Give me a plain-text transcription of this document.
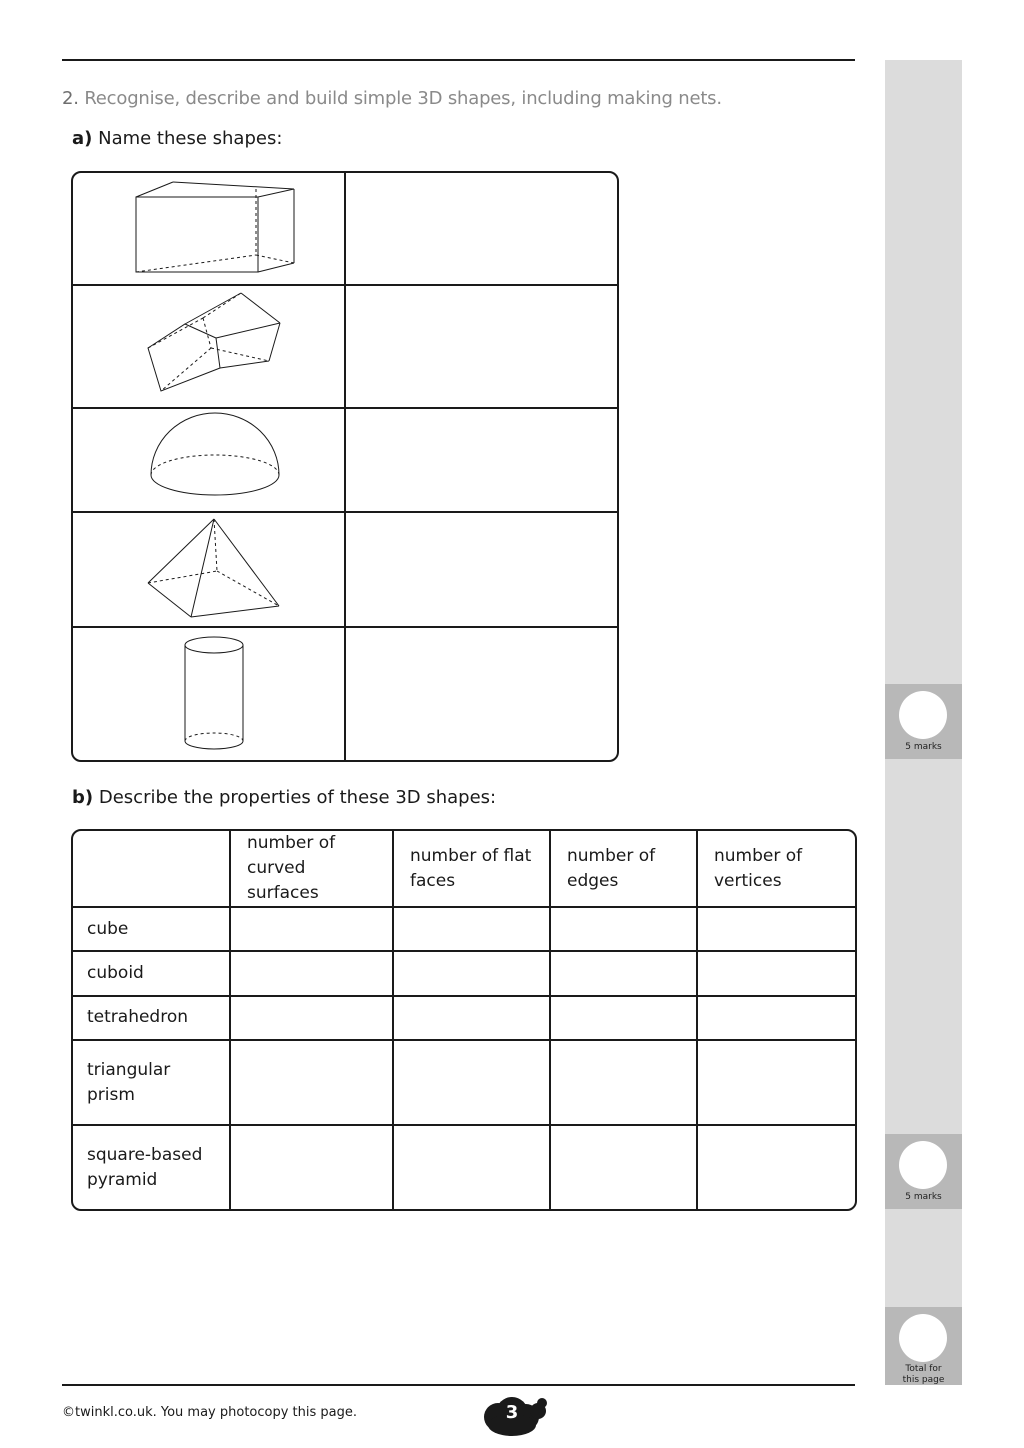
2. Recognise, describe and build simple 3D shapes, including making nets.
a) Name these shapes:
b) Describe the properties of these 3D shapes:
	number of curved surfaces	number of flat faces	number of edges	number of vertices
cube				
cuboid				
tetrahedron				
triangular prism				
square-based pyramid				
5 marks
5 marks
Total for this page
©twinkl.co.uk. You may photocopy this page.	3
